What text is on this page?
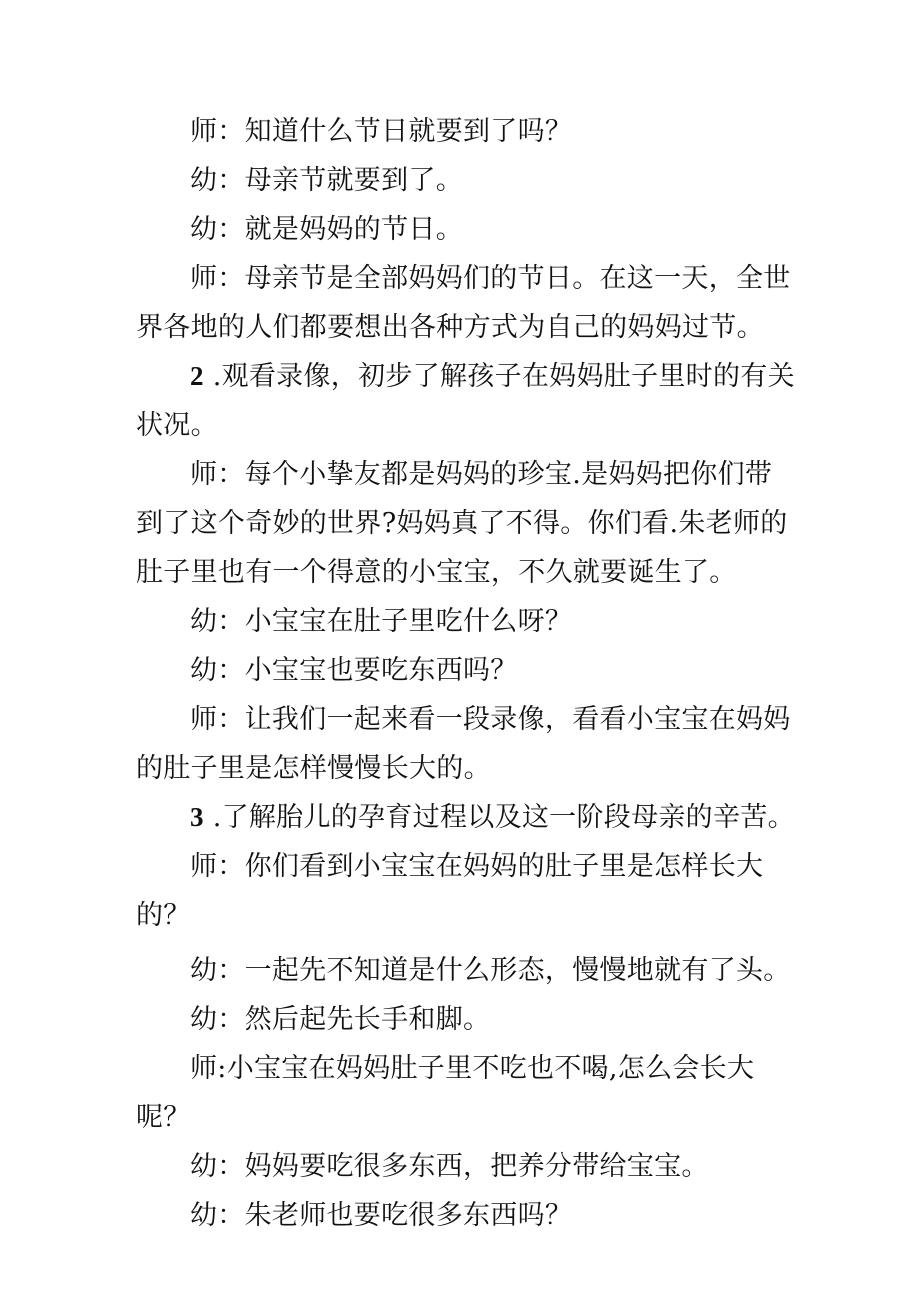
师：知道什么节日就要到了吗？

幼：母亲节就要到了。

幼：就是妈妈的节日。

师：母亲节是全部妈妈们的节日。在这一天，全世界各地的人们都要想出各种方式为自己的妈妈过节。

2 .观看录像，初步了解孩子在妈妈肚子里时的有关状况。

师：每个小挚友都是妈妈的珍宝.是妈妈把你们带到了这个奇妙的世界?妈妈真了不得。你们看.朱老师的肚子里也有一个得意的小宝宝，不久就要诞生了。

幼：小宝宝在肚子里吃什么呀？

幼：小宝宝也要吃东西吗？

师：让我们一起来看一段录像，看看小宝宝在妈妈的肚子里是怎样慢慢长大的。

3 .了解胎儿的孕育过程以及这一阶段母亲的辛苦。

师：你们看到小宝宝在妈妈的肚子里是怎样长大的？

幼：一起先不知道是什么形态，慢慢地就有了头。

幼：然后起先长手和脚。

师:小宝宝在妈妈肚子里不吃也不喝,怎么会长大呢？

幼：妈妈要吃很多东西，把养分带给宝宝。

幼：朱老师也要吃很多东西吗？
